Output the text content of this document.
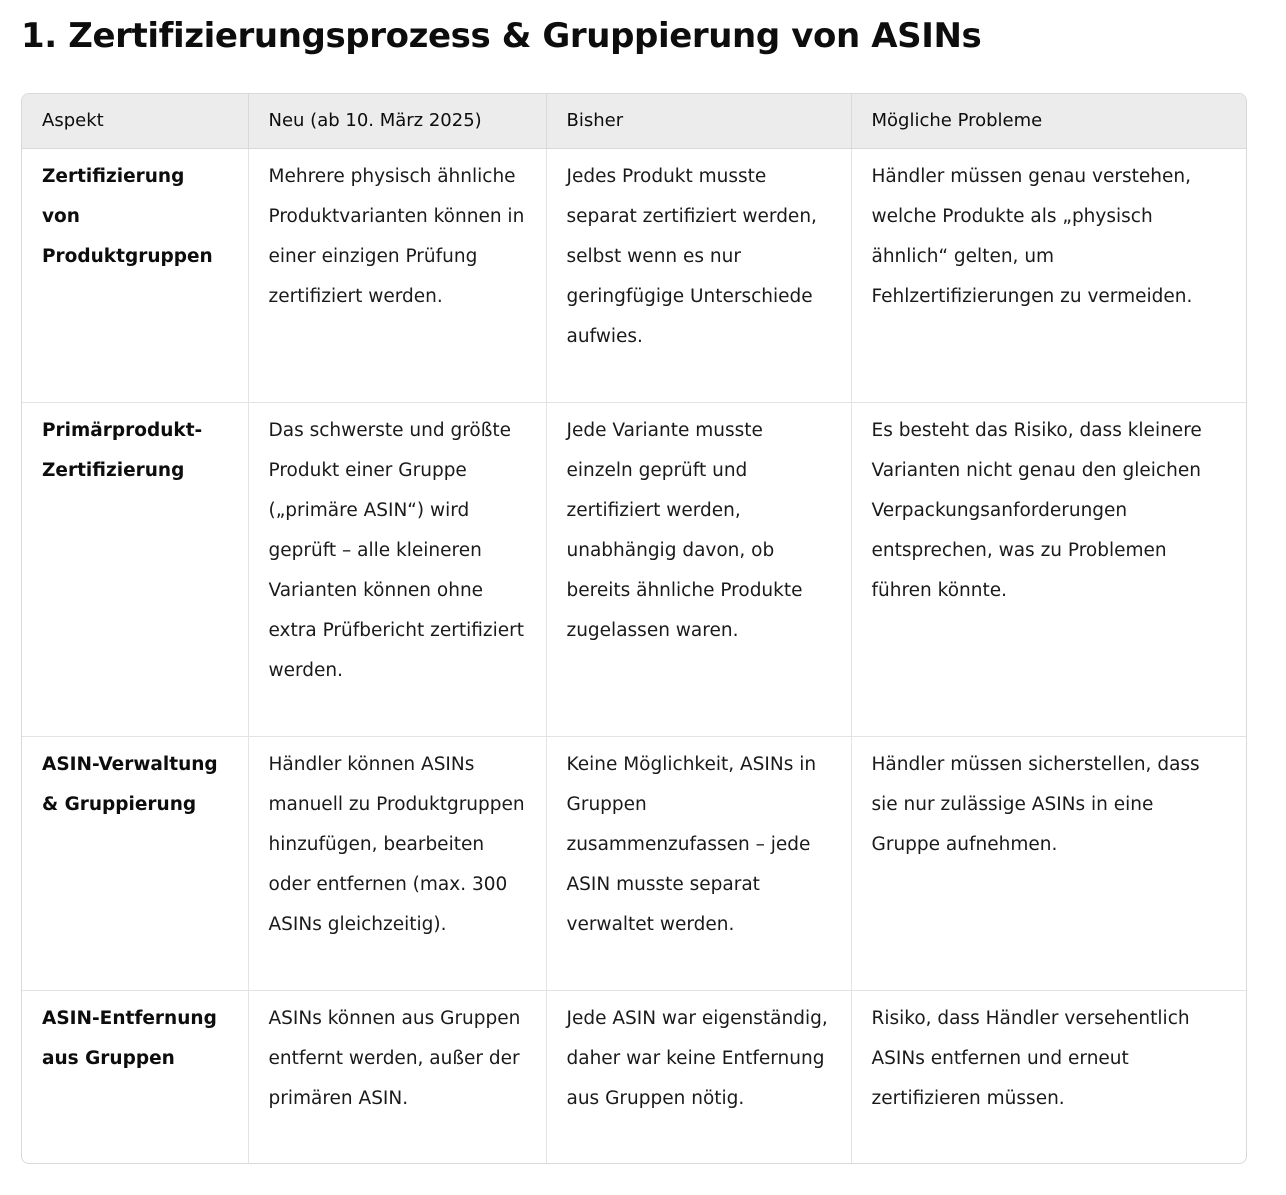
1. Zertifizierungsprozess & Gruppierung von ASINs
Aspekt	Neu (ab 10. März 2025)	Bisher	Mögliche Probleme
Zertifizierung von Produktgruppen	Mehrere physisch ähnliche Produktvarianten können in einer einzigen Prüfung zertifiziert werden.	Jedes Produkt musste separat zertifiziert werden, selbst wenn es nur geringfügige Unterschiede aufwies.	Händler müssen genau verstehen, welche Produkte als „physisch ähnlich“ gelten, um Fehlzertifizierungen zu vermeiden.
Primärprodukt-Zertifizierung	Das schwerste und größte Produkt einer Gruppe („primäre ASIN“) wird geprüft – alle kleineren Varianten können ohne extra Prüfbericht zertifiziert werden.	Jede Variante musste einzeln geprüft und zertifiziert werden, unabhängig davon, ob bereits ähnliche Produkte zugelassen waren.	Es besteht das Risiko, dass kleinere Varianten nicht genau den gleichen Verpackungsanforderungen entsprechen, was zu Problemen führen könnte.
ASIN-Verwaltung & Gruppierung	Händler können ASINs manuell zu Produktgruppen hinzufügen, bearbeiten oder entfernen (max. 300 ASINs gleichzeitig).	Keine Möglichkeit, ASINs in Gruppen zusammenzufassen – jede ASIN musste separat verwaltet werden.	Händler müssen sicherstellen, dass sie nur zulässige ASINs in eine Gruppe aufnehmen.
ASIN-Entfernung aus Gruppen	ASINs können aus Gruppen entfernt werden, außer der primären ASIN.	Jede ASIN war eigenständig, daher war keine Entfernung aus Gruppen nötig.	Risiko, dass Händler versehentlich ASINs entfernen und erneut zertifizieren müssen.
